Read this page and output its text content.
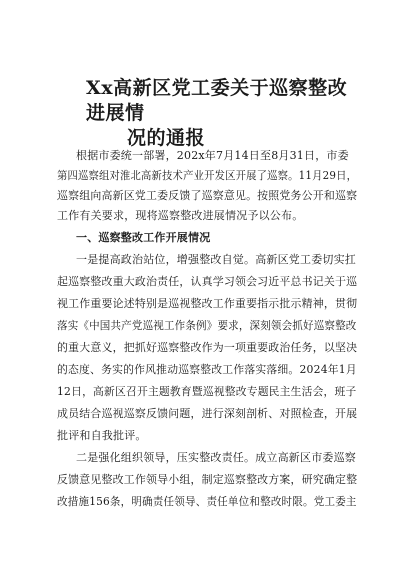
Xx高新区党工委关于巡察整改进展情
况的通报
根据市委统一部署，202x年7月14日至8月31日，市委
第四巡察组对淮北高新技术产业开发区开展了巡察。11月29日，
巡察组向高新区党工委反馈了巡察意见。按照党务公开和巡察
工作有关要求，现将巡察整改进展情况予以公布。
一、巡察整改工作开展情况
一是提高政治站位，增强整改自觉。高新区党工委切实扛
起巡察整改重大政治责任，认真学习领会习近平总书记关于巡
视工作重要论述特别是巡视整改工作重要指示批示精神，贯彻
落实《中国共产党巡视工作条例》要求，深刻领会抓好巡察整改
的重大意义，把抓好巡察整改作为一项重要政治任务，以坚决
的态度、务实的作风推动巡察整改工作落实落细。2024年1月
12日，高新区召开主题教育暨巡视整改专题民主生活会，班子
成员结合巡视巡察反馈问题，进行深刻剖析、对照检查，开展
批评和自我批评。
二是强化组织领导，压实整改责任。成立高新区市委巡察
反馈意见整改工作领导小组，制定巡察整改方案，研究确定整
改措施156条，明确责任领导、责任单位和整改时限。党工委主
